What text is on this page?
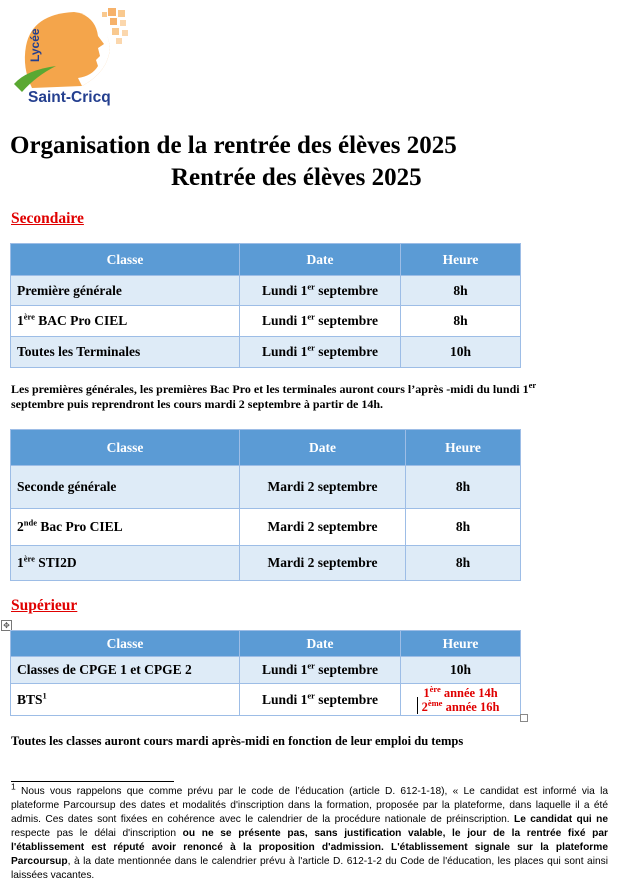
Lycée
Saint-Cricq
Organisation de la rentrée des élèves 2025
Rentrée des élèves 2025
Secondaire
Classe	Date	Heure
Première générale	Lundi 1er septembre	8h
1ère BAC Pro CIEL	Lundi 1er septembre	8h
Toutes les Terminales	Lundi 1er septembre	10h
Les premières générales, les premières Bac Pro et les terminales auront cours l’après -midi du lundi 1er septembre puis reprendront les cours mardi 2 septembre à partir de 14h.
Classe	Date	Heure
Seconde générale	Mardi 2 septembre	8h
2nde Bac Pro CIEL	Mardi 2 septembre	8h
1ère STI2D	Mardi 2 septembre	8h
Supérieur
✥
Classe	Date	Heure
Classes de CPGE 1 et CPGE 2	Lundi 1er septembre	10h
BTS$^1$	Lundi 1er septembre	1ère année 14h
2ème année 16h
Toutes les classes auront cours mardi après-midi en fonction de leur emploi du temps
$^1$ Nous vous rappelons que comme prévu par le code de l’éducation (article D. 612-1-18), « Le candidat est informé via la plateforme Parcoursup des dates et modalités d'inscription dans la formation, proposée par la plateforme, dans laquelle il a été admis. Ces dates sont fixées en cohérence avec le calendrier de la procédure nationale de préinscription. Le candidat qui ne respecte pas le délai d'inscription ou ne se présente pas, sans justification valable, le jour de la rentrée fixé par l'établissement est réputé avoir renoncé à la proposition d'admission. L'établissement signale sur la plateforme Parcoursup, à la date mentionnée dans le calendrier prévu à l'article D. 612-1-2 du Code de l'éducation, les places qui sont ainsi laissées vacantes.
